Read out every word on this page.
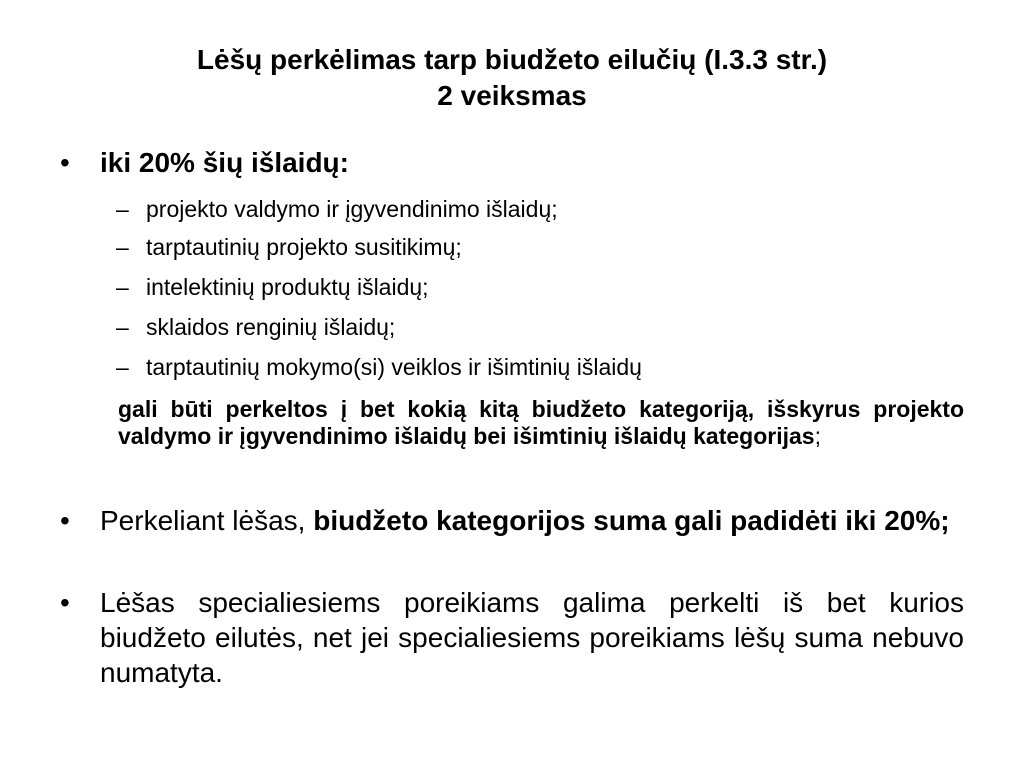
Lėšų perkėlimas tarp biudžeto eilučių (I.3.3 str.)
2 veiksmas
• iki 20% šių išlaidų:
– projekto valdymo ir įgyvendinimo išlaidų;
– tarptautinių projekto susitikimų;
– intelektinių produktų išlaidų;
– sklaidos renginių išlaidų;
– tarptautinių mokymo(si) veiklos ir išimtinių išlaidų
gali būti perkeltos į bet kokią kitą biudžeto kategoriją, išskyrus projekto valdymo ir įgyvendinimo išlaidų bei išimtinių išlaidų kategorijas;
• Perkeliant lėšas, biudžeto kategorijos suma gali padidėti iki 20%;
• Lėšas specialiesiems poreikiams galima perkelti iš bet kurios biudžeto eilutės, net jei specialiesiems poreikiams lėšų suma nebuvo numatyta.
